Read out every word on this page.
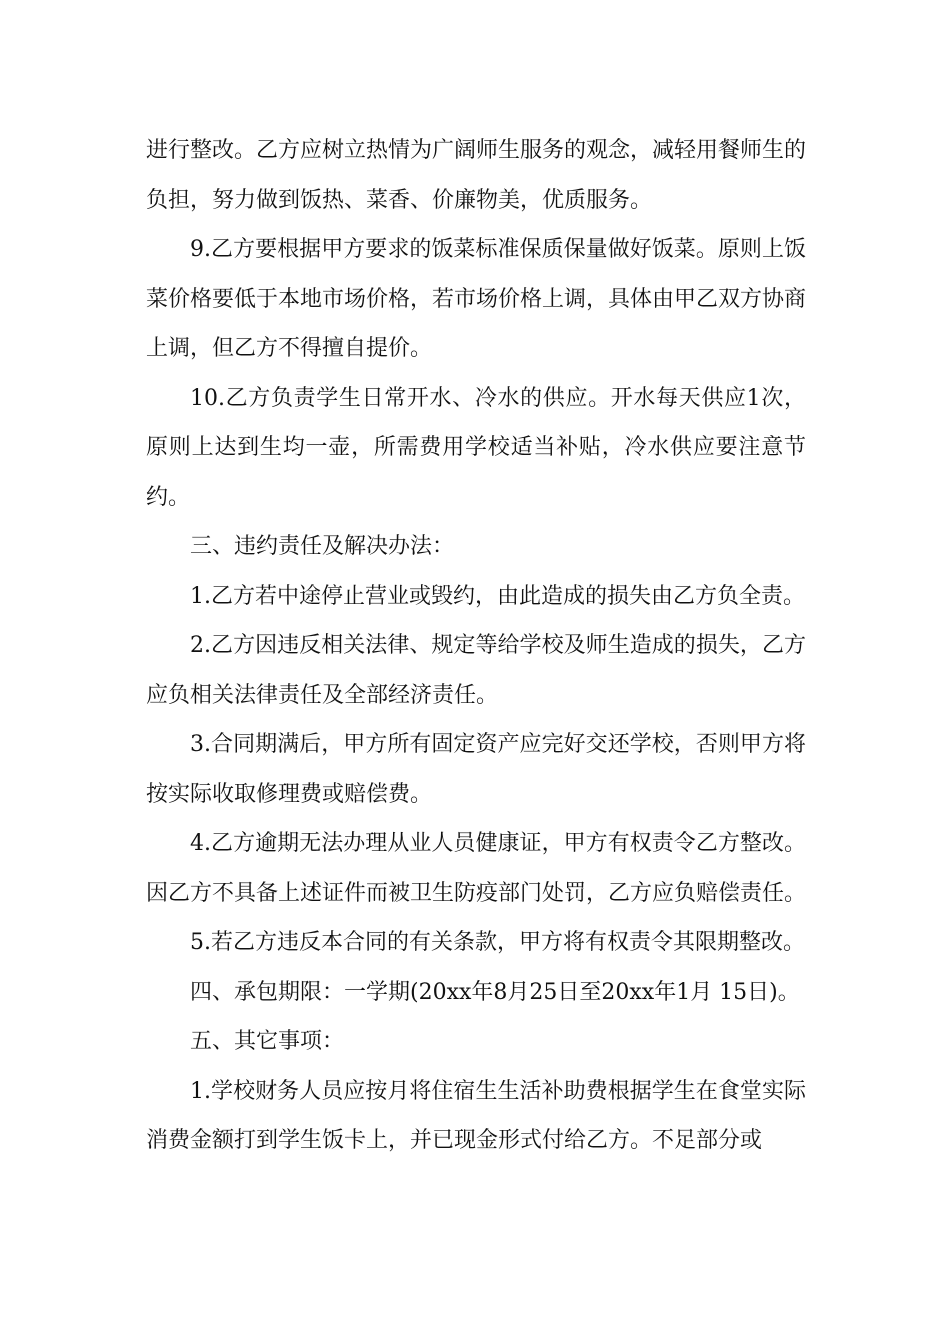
进行整改。乙方应树立热情为广阔师生服务的观念，减轻用餐师生的负担，努力做到饭热、菜香、价廉物美，优质服务。

9.乙方要根据甲方要求的饭菜标准保质保量做好饭菜。原则上饭菜价格要低于本地市场价格，若市场价格上调，具体由甲乙双方协商上调，但乙方不得擅自提价。

10.乙方负责学生日常开水、冷水的供应。开水每天供应1次，原则上达到生均一壶，所需费用学校适当补贴，冷水供应要注意节约。

三、违约责任及解决办法：

1.乙方若中途停止营业或毁约，由此造成的损失由乙方负全责。

2.乙方因违反相关法律、规定等给学校及师生造成的损失，乙方应负相关法律责任及全部经济责任。

3.合同期满后，甲方所有固定资产应完好交还学校，否则甲方将按实际收取修理费或赔偿费。

4.乙方逾期无法办理从业人员健康证，甲方有权责令乙方整改。因乙方不具备上述证件而被卫生防疫部门处罚，乙方应负赔偿责任。

5.若乙方违反本合同的有关条款，甲方将有权责令其限期整改。

四、承包期限：一学期(20xx年8月25日至20xx年1月 15日)。

五、其它事项：

1.学校财务人员应按月将住宿生生活补助费根据学生在食堂实际消费金额打到学生饭卡上，并已现金形式付给乙方。不足部分或
